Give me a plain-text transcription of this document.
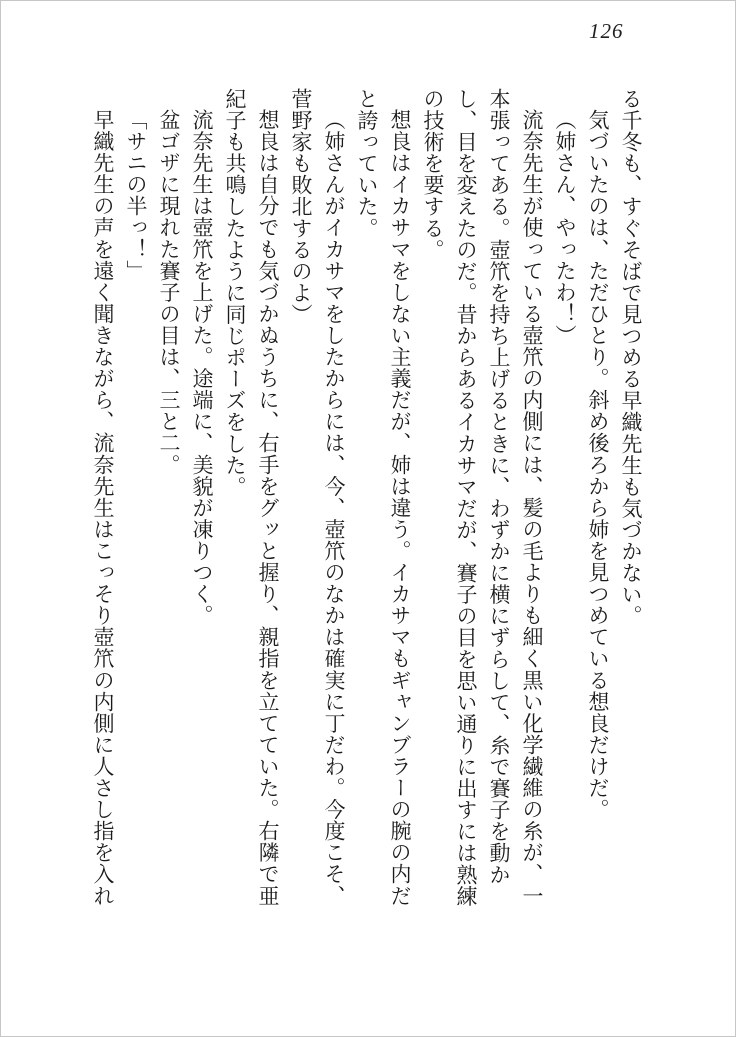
126

る千冬も、すぐそばで見つめる早織先生も気づかない。

気づいたのは、ただひとり。斜め後ろから姉を見つめている想良だけだ。

（姉さん、やったわ！）

流奈先生が使っている壺笊の内側には、髪の毛よりも細く黒い化学繊維の糸が、一本張ってある。壺笊を持ち上げるときに、わずかに横にずらして、糸で賽子を動かし、目を変えたのだ。昔からあるイカサマだが、賽子の目を思い通りに出すには熟練の技術を要する。

想良はイカサマをしない主義だが、姉は違う。イカサマもギャンブラーの腕の内だと誇っていた。

（姉さんがイカサマをしたからには、今、壺笊のなかは確実に丁だわ。今度こそ、菅野家も敗北するのよ）

想良は自分でも気づかぬうちに、右手をグッと握り、親指を立てていた。右隣で亜紀子も共鳴したように同じポーズをした。

流奈先生は壺笊を上げた。途端に、美貌が凍りつく。

盆ゴザに現れた賽子の目は、三と二。

「サニの半っ！」

早織先生の声を遠く聞きながら、流奈先生はこっそり壺笊の内側に人さし指を入れ
